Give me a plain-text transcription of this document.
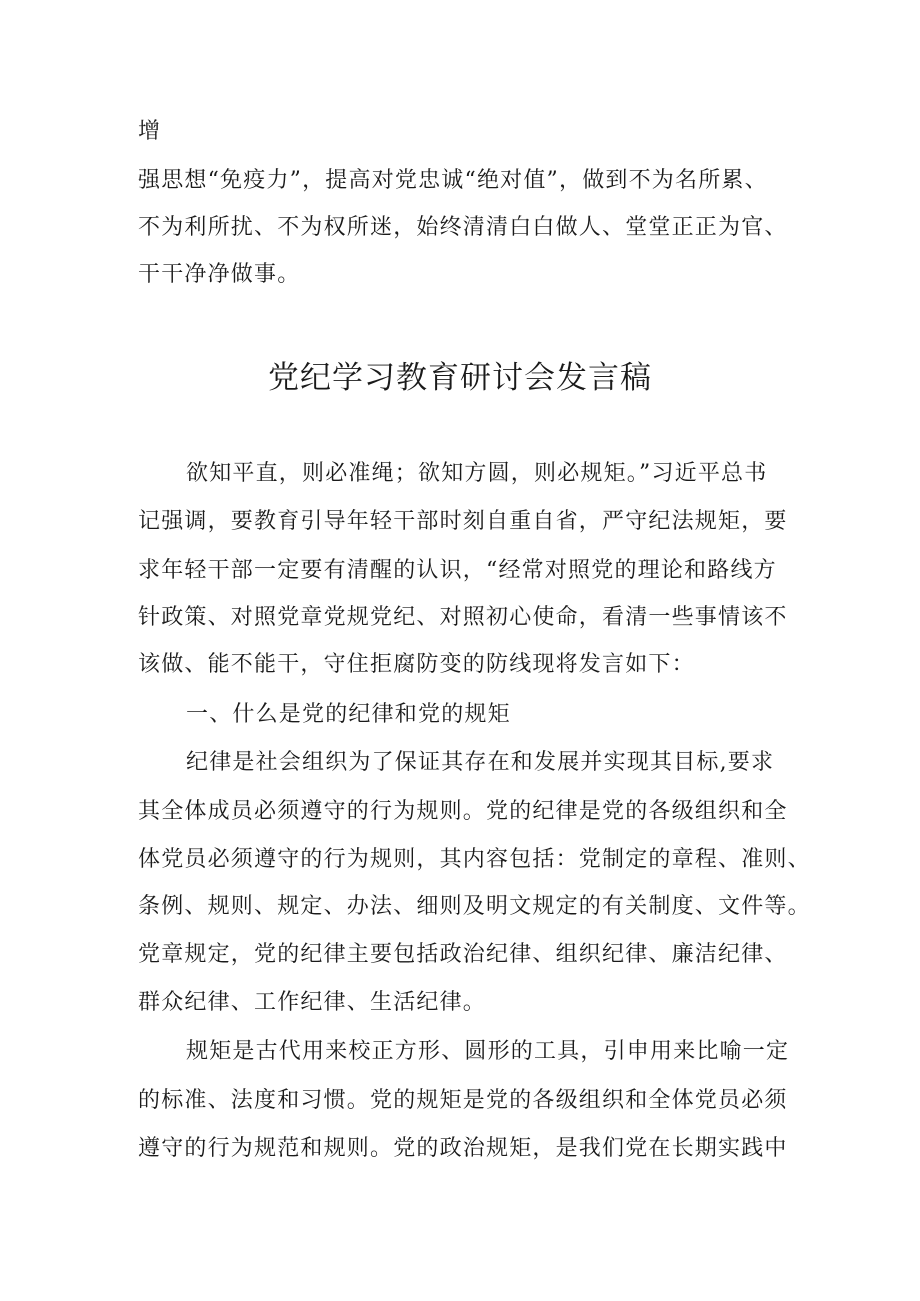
增
强思想“免疫力”，提高对党忠诚“绝对值”，做到不为名所累、
不为利所扰、不为权所迷，始终清清白白做人、堂堂正正为官、
干干净净做事。
党纪学习教育研讨会发言稿
欲知平直，则必准绳；欲知方圆，则必规矩。”习近平总书
记强调，要教育引导年轻干部时刻自重自省，严守纪法规矩，要
求年轻干部一定要有清醒的认识，“经常对照党的理论和路线方
针政策、对照党章党规党纪、对照初心使命，看清一些事情该不
该做、能不能干，守住拒腐防变的防线现将发言如下：
一、什么是党的纪律和党的规矩
纪律是社会组织为了保证其存在和发展并实现其目标,要求
其全体成员必须遵守的行为规则。党的纪律是党的各级组织和全
体党员必须遵守的行为规则，其内容包括：党制定的章程、准则、
条例、规则、规定、办法、细则及明文规定的有关制度、文件等。
党章规定，党的纪律主要包括政治纪律、组织纪律、廉洁纪律、
群众纪律、工作纪律、生活纪律。
规矩是古代用来校正方形、圆形的工具，引申用来比喻一定
的标准、法度和习惯。党的规矩是党的各级组织和全体党员必须
遵守的行为规范和规则。党的政治规矩，是我们党在长期实践中
